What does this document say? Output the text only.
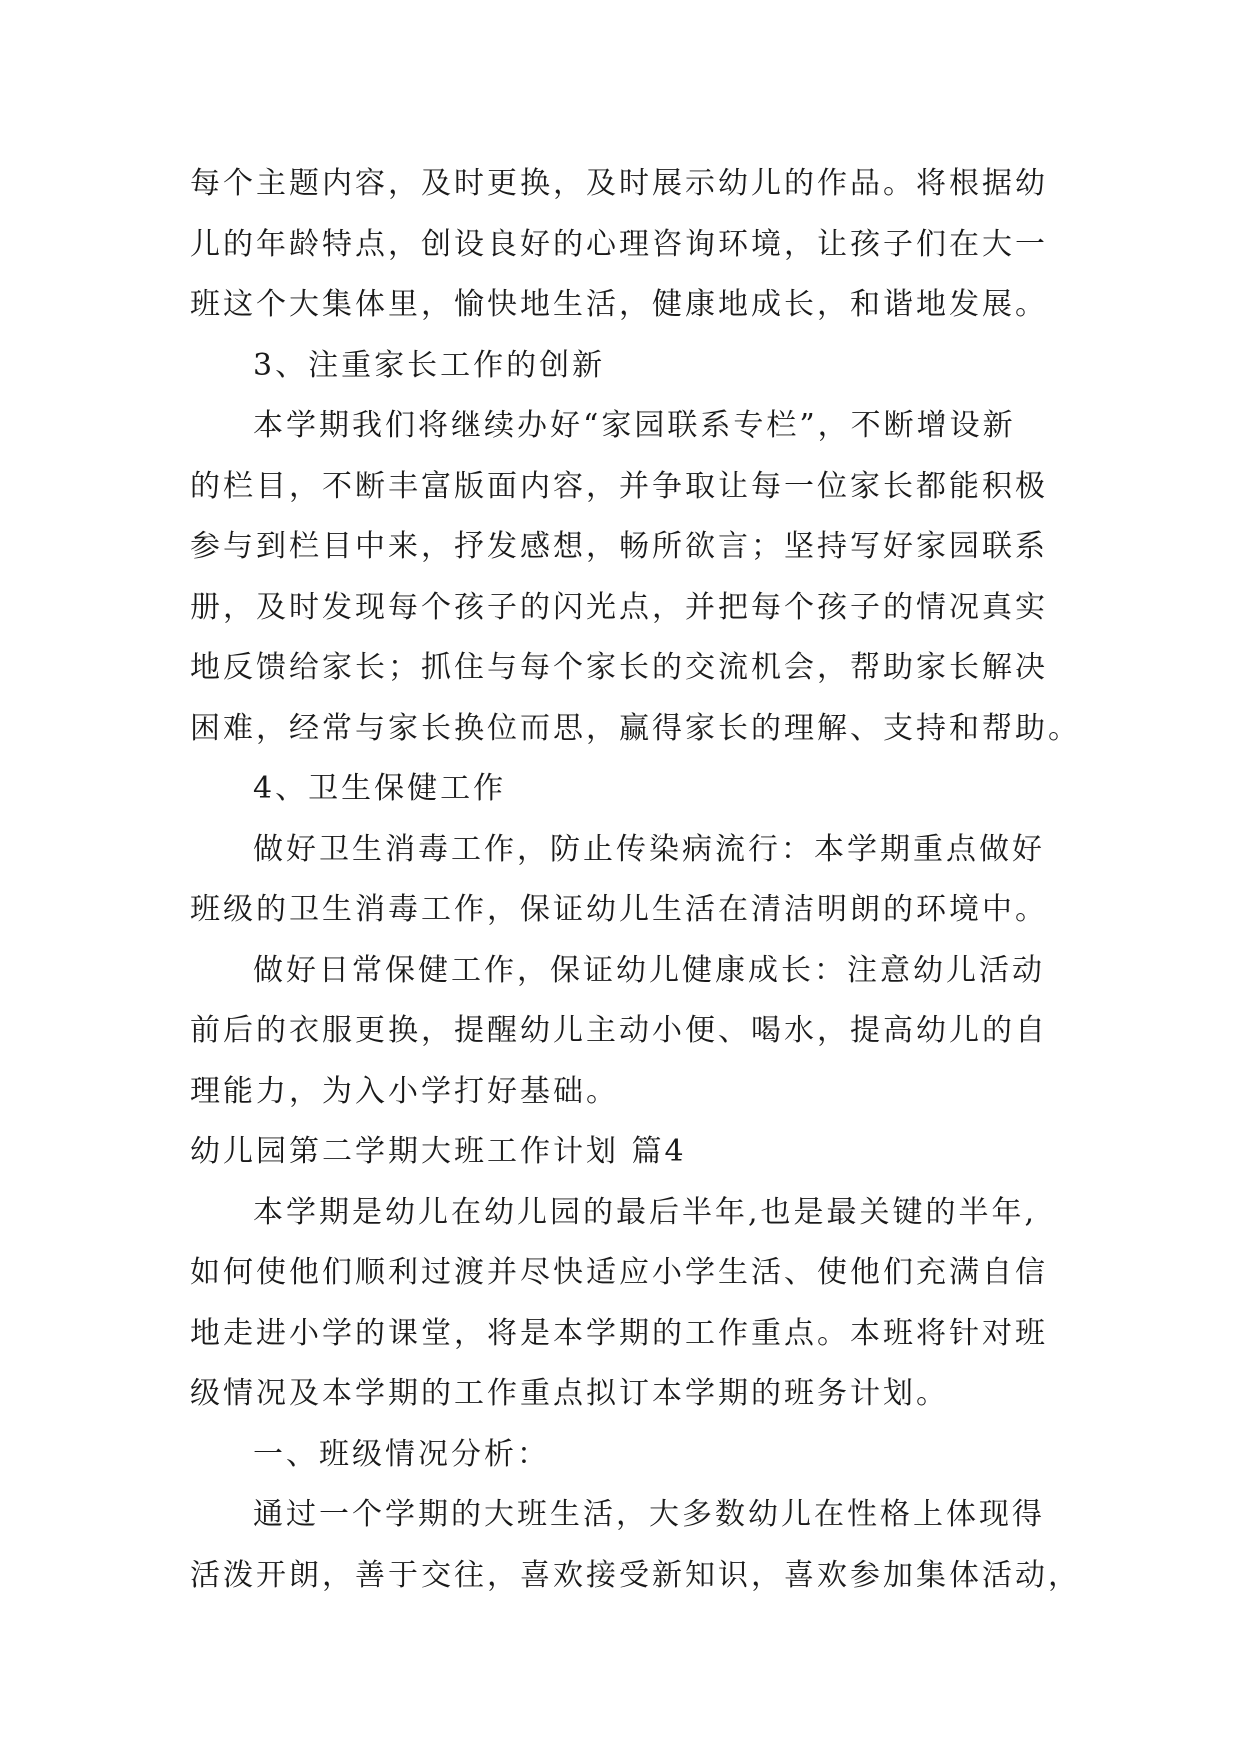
每个主题内容，及时更换，及时展示幼儿的作品。将根据幼
儿的年龄特点，创设良好的心理咨询环境，让孩子们在大一
班这个大集体里，愉快地生活，健康地成长，和谐地发展。
3、注重家长工作的创新
本学期我们将继续办好“家园联系专栏”，不断增设新
的栏目，不断丰富版面内容，并争取让每一位家长都能积极
参与到栏目中来，抒发感想，畅所欲言；坚持写好家园联系
册，及时发现每个孩子的闪光点，并把每个孩子的情况真实
地反馈给家长；抓住与每个家长的交流机会，帮助家长解决
困难，经常与家长换位而思，赢得家长的理解、支持和帮助。
4、卫生保健工作
做好卫生消毒工作，防止传染病流行：本学期重点做好
班级的卫生消毒工作，保证幼儿生活在清洁明朗的环境中。
做好日常保健工作，保证幼儿健康成长：注意幼儿活动
前后的衣服更换，提醒幼儿主动小便、喝水，提高幼儿的自
理能力，为入小学打好基础。
幼儿园第二学期大班工作计划 篇4
本学期是幼儿在幼儿园的最后半年,也是最关键的半年,
如何使他们顺利过渡并尽快适应小学生活、使他们充满自信
地走进小学的课堂，将是本学期的工作重点。本班将针对班
级情况及本学期的工作重点拟订本学期的班务计划。
一、班级情况分析：
通过一个学期的大班生活，大多数幼儿在性格上体现得
活泼开朗，善于交往，喜欢接受新知识，喜欢参加集体活动，
